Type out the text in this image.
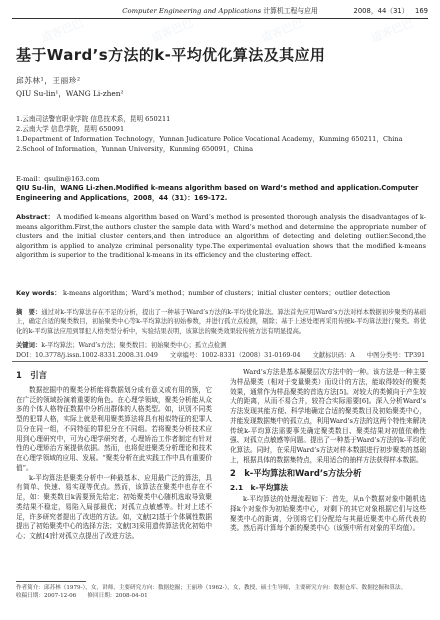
道客巴巴	道客巴巴	道客巴巴	道客巴巴

Computer Engineering and Applications 计算机工程与应用	2008，44（31） 169
基于Ward’s方法的k-平均优化算法及其应用
邱苏林¹，王丽珍²
QIU Su-lin¹，WANG Li-zhen²
1.云南司法警官职业学院 信息技术系，昆明 650211
2.云南大学 信息学院，昆明 650091
1.Department of Information Technology，Yunnan Judicature Police Vocational Academy，Kunming 650211，China
2.School of Information，Yunnan University，Kunming 650091，China
E-mail：qsulin@163.com
QIU Su-lin，WANG Li-zhen.Modified k-means algorithm based on Ward’s method and application.Computer Engineering and Applications，2008，44（31）：169-172.
Abstract： A modified k-means algorithm based on Ward’s method is presented thorough analysis the disadvantages of k-means algorithm.First,the authors cluster the sample data with Ward’s method and determine the appropriate number of clusters and the initial cluster centers,and then introduce an algorithm of detecting and deleting outlier.Second,the algorithm is applied to analyze criminal personality type.The experimental evaluation shows that the modified k-means algorithm is superior to the traditional k-means in its efficiency and the clustering effect.
Key words： k-means algorithm；Ward’s method；number of clusters；initial cluster centers；outlier detection
摘　要：通过对k-平均算法存在不足的分析，提出了一种基于Ward’s方法的k-平均优化算法。算法首先应用Ward’s方法对样本数据初步聚类的基础上，确定合适的聚类数目，初始聚类中心等k-平均算法的初始参数，并进行孤立点检测，剔除；基于上述处理再采用传统k-平均算法进行聚类。将优化的k-平均算法应用到罪犯人格类型分析中，实验结果表明，该算法的聚类效果较传统方法有明显提高。
关键词：k-平均算法；Ward’s方法；聚类数目；初始聚类中心；孤立点检测
DOI：10.3778/j.issn.1002-8331.2008.31.049 文章编号：1002-8331（2008）31-0169-04 文献标识码：A 中图分类号：TP391
1　引言

数据挖掘中的聚类分析能将数据划分成有意义或有用的簇，它在广泛的领域扮演着重要的角色。在心理学领域，聚类分析能从众多的个体人格特征数据中分析出群体的人格类型。如，识别不同类型的犯罪人格，实际上就是利用聚类算法将具有相似特征的犯罪人员分在同一组，不同特征的罪犯分在不同组。若将聚类分析技术应用到心理研究中，可为心理学研究者，心理矫治工作者制定有针对性的心理矫治方案提供依据。然而，也将促进聚类分析理论和技术在心理学领域的应用、发展。“聚类分析在此实践工作中具有重要价值”。

k-平均算法是聚类分析中一种最基本、应用最广泛的算法，具有简单、快速、易实现等优点。然而，该算法在聚类中也存在不足，如：聚类数目k需要预先给定；初始聚类中心随机选取导致聚类结果不稳定，易陷入局部最优；对孤立点敏感等。针对上述不足，许多研究者提出了改进的方法。如，文献[2]基于个体属性数据提出了初始聚类中心的选择方法；文献[3]采用遗传算法优化初始中心；文献[4]针对孤立点提出了改进方法。

Ward’s方法是基本凝聚层次方法中的一种。该方法是一种主要为样品聚类（相对于变量聚类）而设计的方法，能取得较好的聚类效果，通常作为样品聚类的首选方法[5]。对较大的类倾向于产生较大的距离，从而不易合并，较符合实际需要[6]。深入分析Ward’s方法发现其能方便、科学地确定合适的聚类数目及初始聚类中心，并能发现数据集中的孤立点，利用Ward’s方法的这两个特性来解决传统k-平均算法需要事先确定聚类数目、聚类结果对初值依赖性强、对孤立点敏感等问题。提出了一种基于Ward’s方法的k-平均优化算法。同时，在采用Ward’s方法对样本数据进行初步聚类的基础上，根据具体的数据集特点，采用适合的抽样方法获得样本数据。

2　k-平均算法和Ward’s方法分析
2.1　k-平均算法

k-平均算法的处理流程如下：首先，从n个数据对象中随机选择k个对象作为初始聚类中心，对剩下的其它对象根据它们与这些聚类中心的距离，分别将它们分配给与其最近聚类中心所代表的类。然后再计算每个新的聚类中心（该簇中所有对象的平均值）。

作者简介：邱苏林（1979-），女，讲师，主要研究方向：数据挖掘；王丽珍（1962-），女，教授，硕士生导师，主要研究方向：数据仓库、数据挖掘和算法。
收稿日期：2007-12-06　　修回日期：2008-04-01
